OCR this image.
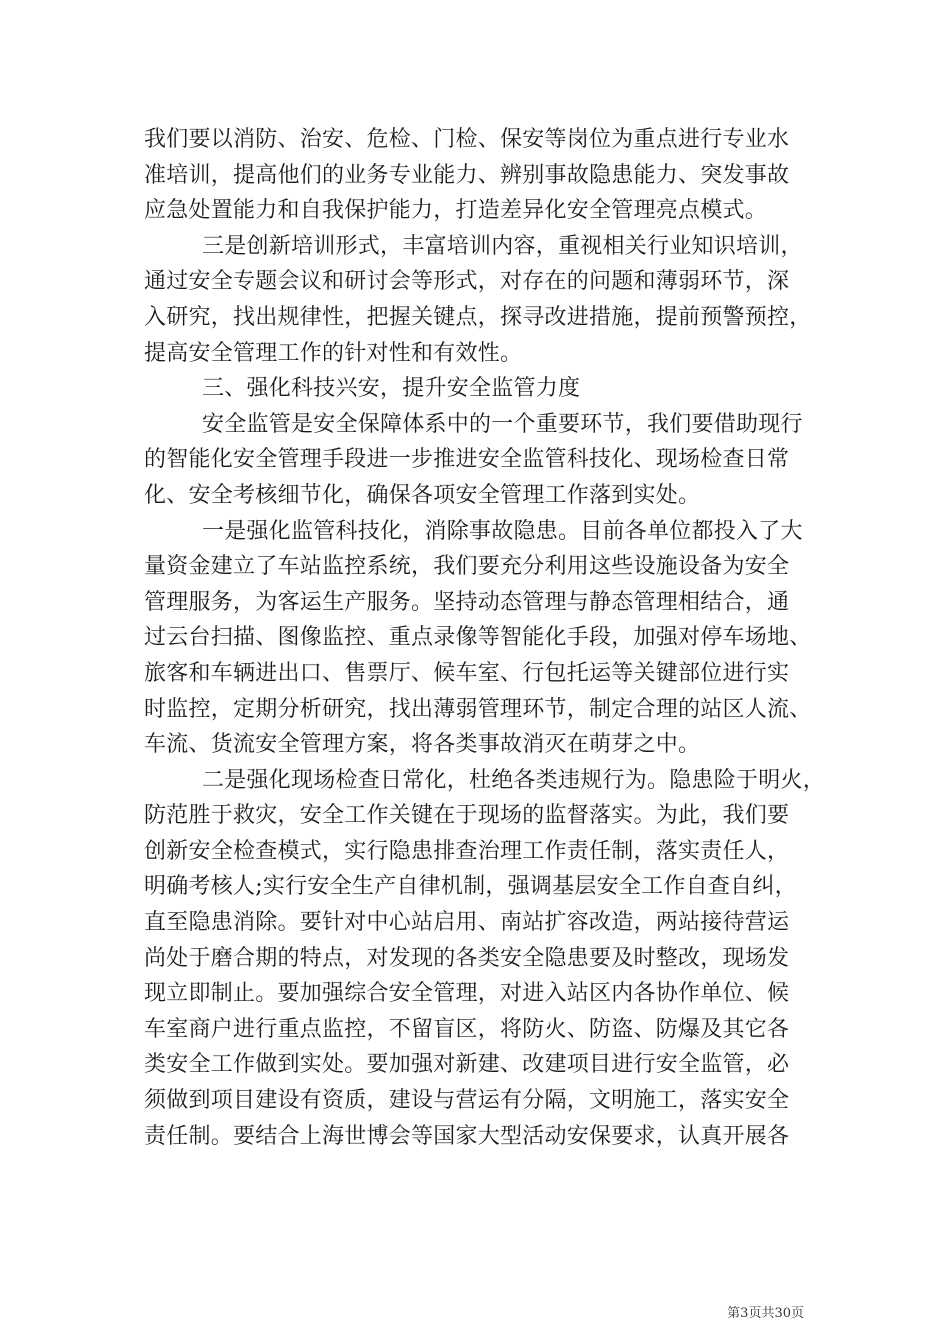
我们要以消防、治安、危检、门检、保安等岗位为重点进行专业水
准培训，提高他们的业务专业能力、辨别事故隐患能力、突发事故
应急处置能力和自我保护能力，打造差异化安全管理亮点模式。
三是创新培训形式，丰富培训内容，重视相关行业知识培训，
通过安全专题会议和研讨会等形式，对存在的问题和薄弱环节，深
入研究，找出规律性，把握关键点，探寻改进措施，提前预警预控，
提高安全管理工作的针对性和有效性。
三、强化科技兴安，提升安全监管力度
安全监管是安全保障体系中的一个重要环节，我们要借助现行
的智能化安全管理手段进一步推进安全监管科技化、现场检查日常
化、安全考核细节化，确保各项安全管理工作落到实处。
一是强化监管科技化，消除事故隐患。目前各单位都投入了大
量资金建立了车站监控系统，我们要充分利用这些设施设备为安全
管理服务，为客运生产服务。坚持动态管理与静态管理相结合，通
过云台扫描、图像监控、重点录像等智能化手段，加强对停车场地、
旅客和车辆进出口、售票厅、候车室、行包托运等关键部位进行实
时监控，定期分析研究，找出薄弱管理环节，制定合理的站区人流、
车流、货流安全管理方案，将各类事故消灭在萌芽之中。
二是强化现场检查日常化，杜绝各类违规行为。隐患险于明火，
防范胜于救灾，安全工作关键在于现场的监督落实。为此，我们要
创新安全检查模式，实行隐患排查治理工作责任制，落实责任人，
明确考核人;实行安全生产自律机制，强调基层安全工作自查自纠，
直至隐患消除。要针对中心站启用、南站扩容改造，两站接待营运
尚处于磨合期的特点，对发现的各类安全隐患要及时整改，现场发
现立即制止。要加强综合安全管理，对进入站区内各协作单位、候
车室商户进行重点监控，不留盲区，将防火、防盗、防爆及其它各
类安全工作做到实处。要加强对新建、改建项目进行安全监管，必
须做到项目建设有资质，建设与营运有分隔，文明施工，落实安全
责任制。要结合上海世博会等国家大型活动安保要求，认真开展各
第3页共30页
